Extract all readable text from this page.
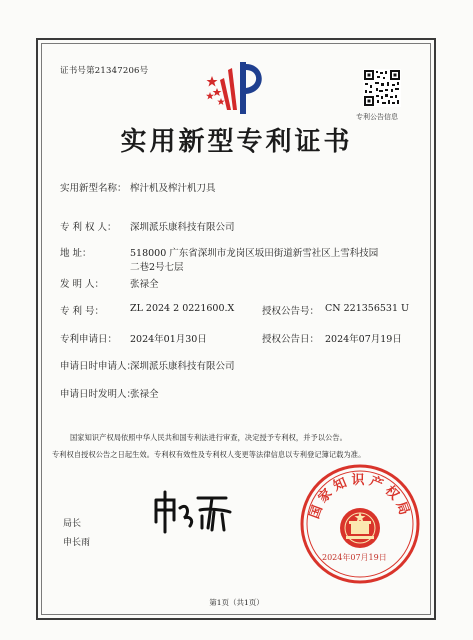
证书号第21347206号
专利公告信息
实用新型专利证书
实用新型名称： 榨汁机及榨汁机刀具
专 利 权 人： 深圳派乐康科技有限公司
地 址：	518000 广东省深圳市龙岗区坂田街道新雪社区上雪科技园
二巷2号七层
发 明 人：	张禄全
专 利 号：	ZL 2024 2 0221600.X	授权公告号： CN 221356531 U
专利申请日： 2024年01月30日	授权公告日： 2024年07月19日
申请日时申请人：
深圳派乐康科技有限公司
申请日时发明人：
张禄全
国家知识产权局依照中华人民共和国专利法进行审查，决定授予专利权，并予以公告。
专利权自授权公告之日起生效。专利权有效性及专利权人变更等法律信息以专利登记簿记载为准。
局长
申长雨
国家知识产权局
2024年07月19日
第1页（共1页）
